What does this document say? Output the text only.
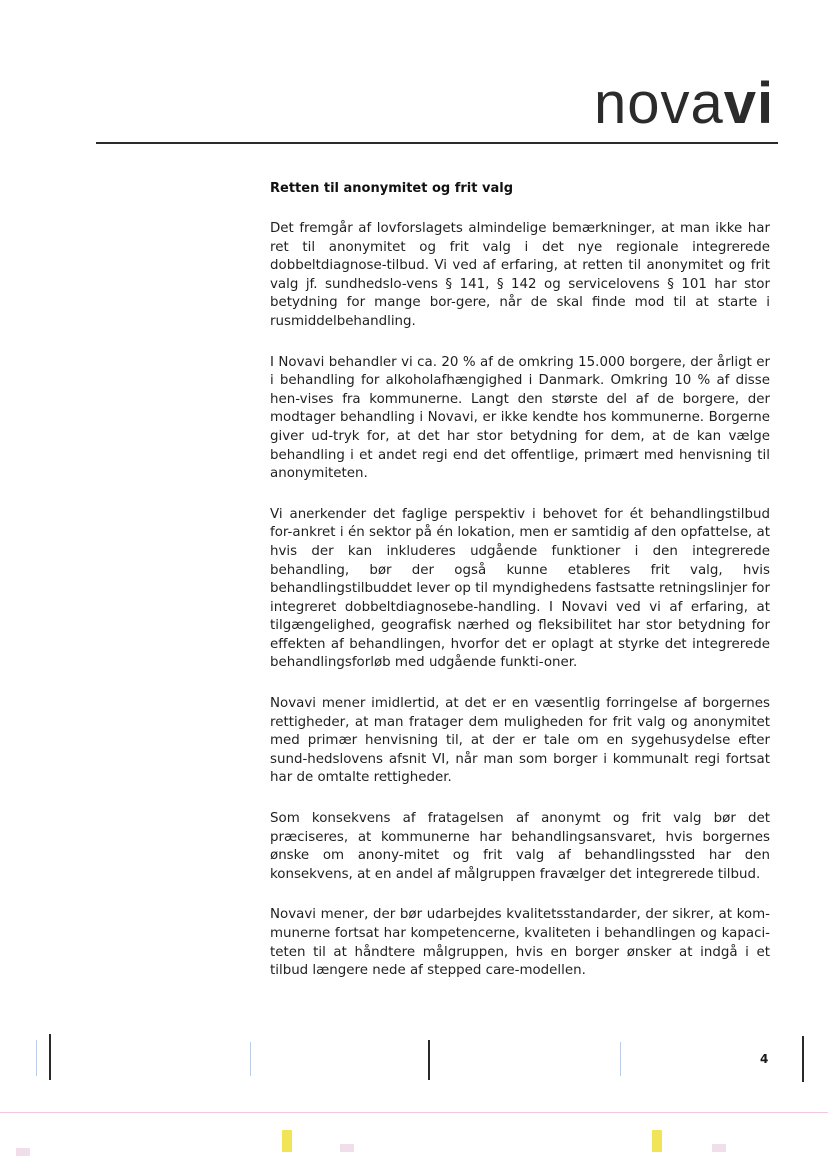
novavi
Retten til anonymitet og frit valg

Det fremgår af lovforslagets almindelige bemærkninger, at man ikke har ret til anonymitet og frit valg i det nye regionale integrerede dobbeltdiagnose-tilbud. Vi ved af erfaring, at retten til anonymitet og frit valg jf. sundhedslo-vens § 141, § 142 og servicelovens § 101 har stor betydning for mange bor-gere, når de skal finde mod til at starte i rusmiddelbehandling.

I Novavi behandler vi ca. 20 % af de omkring 15.000 borgere, der årligt er i behandling for alkoholafhængighed i Danmark. Omkring 10 % af disse hen-vises fra kommunerne. Langt den største del af de borgere, der modtager behandling i Novavi, er ikke kendte hos kommunerne. Borgerne giver ud-tryk for, at det har stor betydning for dem, at de kan vælge behandling i et andet regi end det offentlige, primært med henvisning til anonymiteten.

Vi anerkender det faglige perspektiv i behovet for ét behandlingstilbud for-ankret i én sektor på én lokation, men er samtidig af den opfattelse, at hvis der kan inkluderes udgående funktioner i den integrerede behandling, bør der også kunne etableres frit valg, hvis behandlingstilbuddet lever op til myndighedens fastsatte retningslinjer for integreret dobbeltdiagnosebe-handling. I Novavi ved vi af erfaring, at tilgængelighed, geografisk nærhed og fleksibilitet har stor betydning for effekten af behandlingen, hvorfor det er oplagt at styrke det integrerede behandlingsforløb med udgående funkti-oner.

Novavi mener imidlertid, at det er en væsentlig forringelse af borgernes rettigheder, at man fratager dem muligheden for frit valg og anonymitet med primær henvisning til, at der er tale om en sygehusydelse efter sund-hedslovens afsnit VI, når man som borger i kommunalt regi fortsat har de omtalte rettigheder.

Som konsekvens af fratagelsen af anonymt og frit valg bør det præciseres, at kommunerne har behandlingsansvaret, hvis borgernes ønske om anony-mitet og frit valg af behandlingssted har den konsekvens, at en andel af målgruppen fravælger det integrerede tilbud.

Novavi mener, der bør udarbejdes kvalitetsstandarder, der sikrer, at kom-munerne fortsat har kompetencerne, kvaliteten i behandlingen og kapaci-teten til at håndtere målgruppen, hvis en borger ønsker at indgå i et tilbud længere nede af stepped care-modellen.

4
